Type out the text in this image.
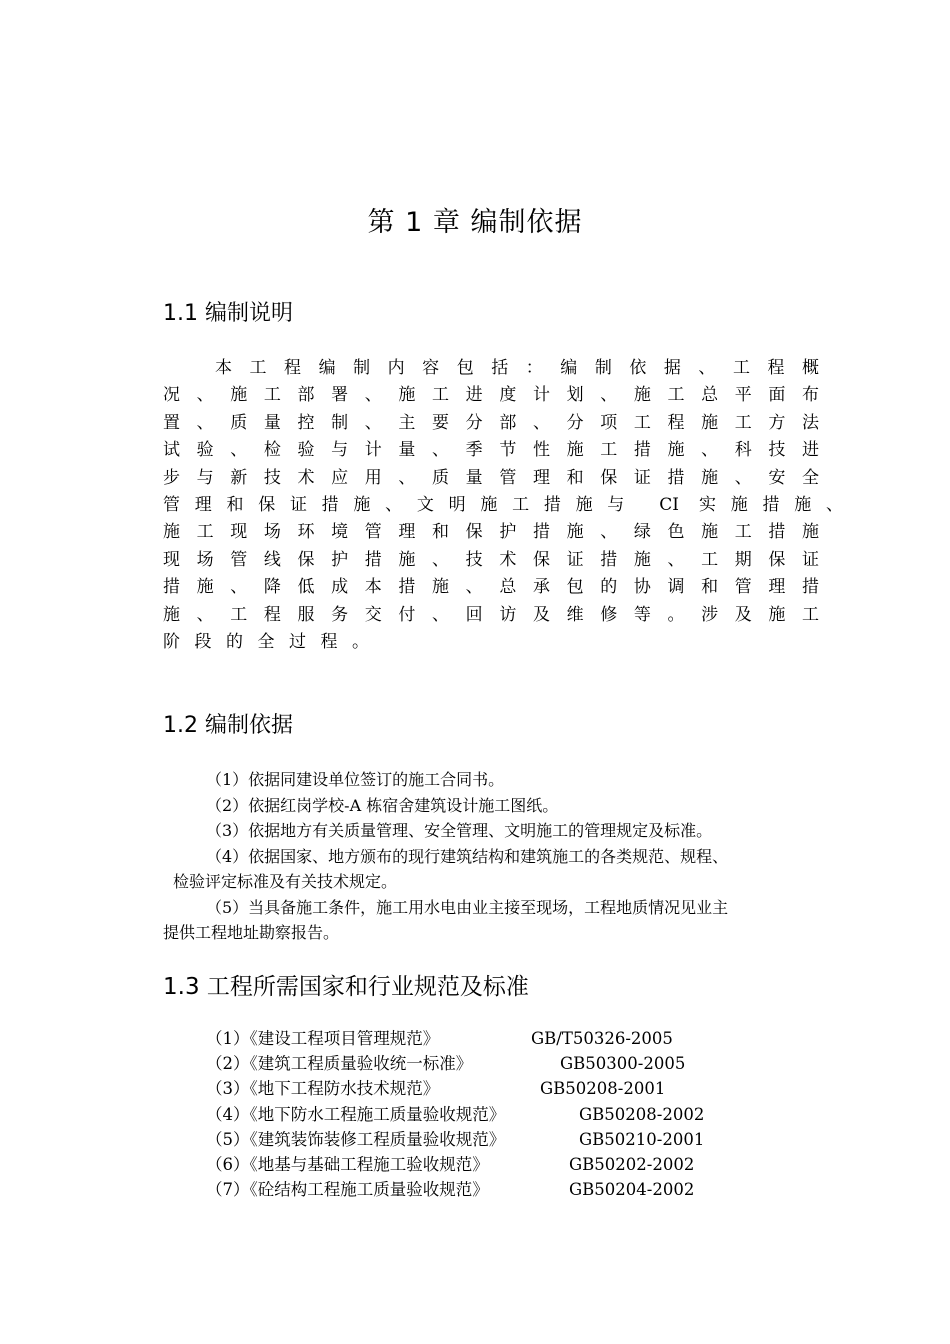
第 1 章 编制依据
1.1 编制说明
本工程编制内容包括：编制依据、工程概
况、施工部署、施工进度计划、施工总平面布
置、质量控制、主要分部、分项工程施工方法
试验、检验与计量、季节性施工措施、科技进
步与新技术应用、质量管理和保证措施、安全
管理和保证措施、文明施工措施与 CI 实施措施、
施工现场环境管理和保护措施、绿色施工措施
现场管线保护措施、技术保证措施、工期保证
措施、降低成本措施、总承包的协调和管理措
施、工程服务交付、回访及维修等。涉及施工
阶段的全过程。
1.2 编制依据
（1）依据同建设单位签订的施工合同书。
（2）依据红岗学校-A 栋宿舍建筑设计施工图纸。
（3）依据地方有关质量管理、安全管理、文明施工的管理规定及标准。
（4）依据国家、地方颁布的现行建筑结构和建筑施工的各类规范、规程、
检验评定标准及有关技术规定。
（5）当具备施工条件，施工用水电由业主接至现场，工程地质情况见业主
提供工程地址勘察报告。
1.3 工程所需国家和行业规范及标准
（1）《建设工程项目管理规范》	GB/T50326-2005
（2）《建筑工程质量验收统一标准》	GB50300-2005
（3）《地下工程防水技术规范》	GB50208-2001
（4）《地下防水工程施工质量验收规范》	GB50208-2002
（5）《建筑装饰装修工程质量验收规范》	GB50210-2001
（6）《地基与基础工程施工验收规范》	GB50202-2002
（7）《砼结构工程施工质量验收规范》	GB50204-2002
